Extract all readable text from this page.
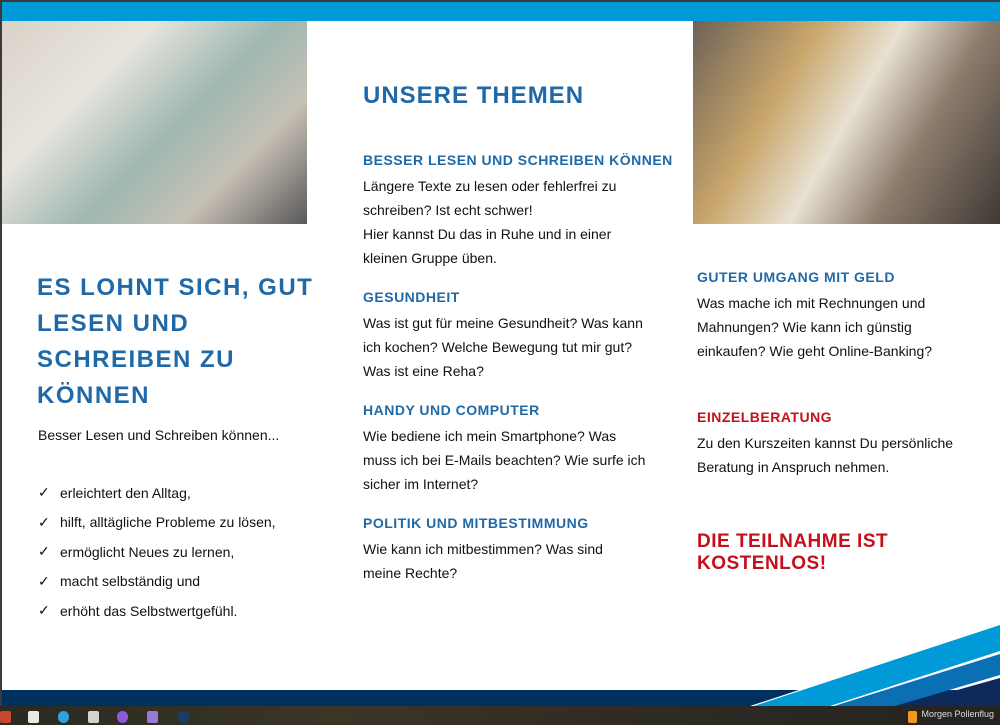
ES LOHNT SICH, GUT LESEN UND SCHREIBEN ZU KÖNNEN

Besser Lesen und Schreiben können...

✓ erleichtert den Alltag,
✓ hilft, alltägliche Probleme zu lösen,
✓ ermöglicht Neues zu lernen,
✓ macht selbständig und
✓ erhöht das Selbstwertgefühl.
UNSERE THEMEN
BESSER LESEN UND SCHREIBEN KÖNNEN
Längere Texte zu lesen oder fehlerfrei zu
schreiben? Ist echt schwer!
Hier kannst Du das in Ruhe und in einer
kleinen Gruppe üben.
GESUNDHEIT
Was ist gut für meine Gesundheit? Was kann
ich kochen? Welche Bewegung tut mir gut?
Was ist eine Reha?
HANDY UND COMPUTER
Wie bediene ich mein Smartphone? Was
muss ich bei E-Mails beachten? Wie surfe ich
sicher im Internet?
POLITIK UND MITBESTIMMUNG
Wie kann ich mitbestimmen? Was sind
meine Rechte?
GUTER UMGANG MIT GELD
Was mache ich mit Rechnungen und
Mahnungen? Wie kann ich günstig
einkaufen? Wie geht Online-Banking?
EINZELBERATUNG
Zu den Kurszeiten kannst Du persönliche
Beratung in Anspruch nehmen.
DIE TEILNAHME IST KOSTENLOS!
Morgen Pollenflug
